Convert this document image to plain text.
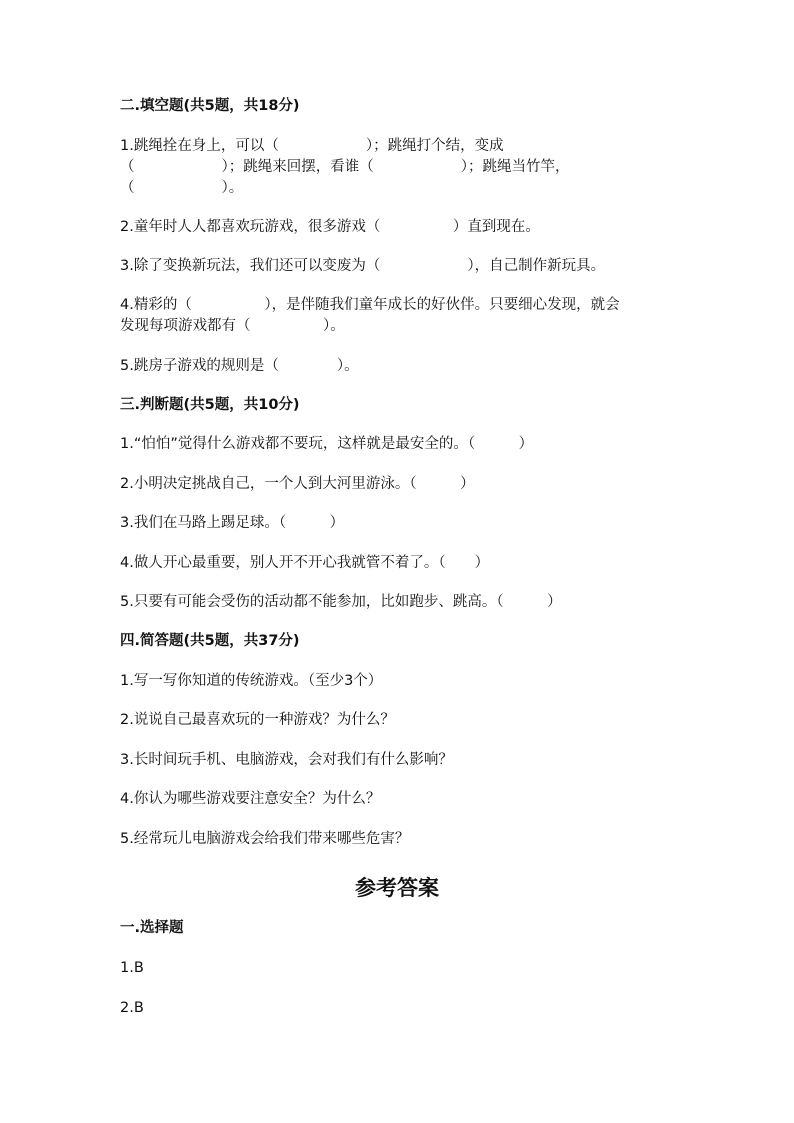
二.填空题(共5题，共18分)
1.跳绳拴在身上，可以（　　　　　　）；跳绳打个结，变成
（　　　　　　）；跳绳来回摆，看谁（　　　　　　）；跳绳当竹竿，
（　　　　　　）。
2.童年时人人都喜欢玩游戏，很多游戏（　　　　　）直到现在。
3.除了变换新玩法，我们还可以变废为（　　　　　　），自己制作新玩具。
4.精彩的（　　　　　），是伴随我们童年成长的好伙伴。只要细心发现，就会
发现每项游戏都有（　　　　　）。
5.跳房子游戏的规则是（　　　　）。
三.判断题(共5题，共10分)
1.“怕怕”觉得什么游戏都不要玩，这样就是最安全的。（　　　）
2.小明决定挑战自己，一个人到大河里游泳。（　　　）
3.我们在马路上踢足球。（　　　）
4.做人开心最重要，别人开不开心我就管不着了。（　　）
5.只要有可能会受伤的活动都不能参加，比如跑步、跳高。（　　　）
四.简答题(共5题，共37分)
1.写一写你知道的传统游戏。（至少3个）
2.说说自己最喜欢玩的一种游戏？为什么？
3.长时间玩手机、电脑游戏，会对我们有什么影响？
4.你认为哪些游戏要注意安全？为什么？
5.经常玩儿电脑游戏会给我们带来哪些危害？
一.选择题
1.B
2.B
参考答案
